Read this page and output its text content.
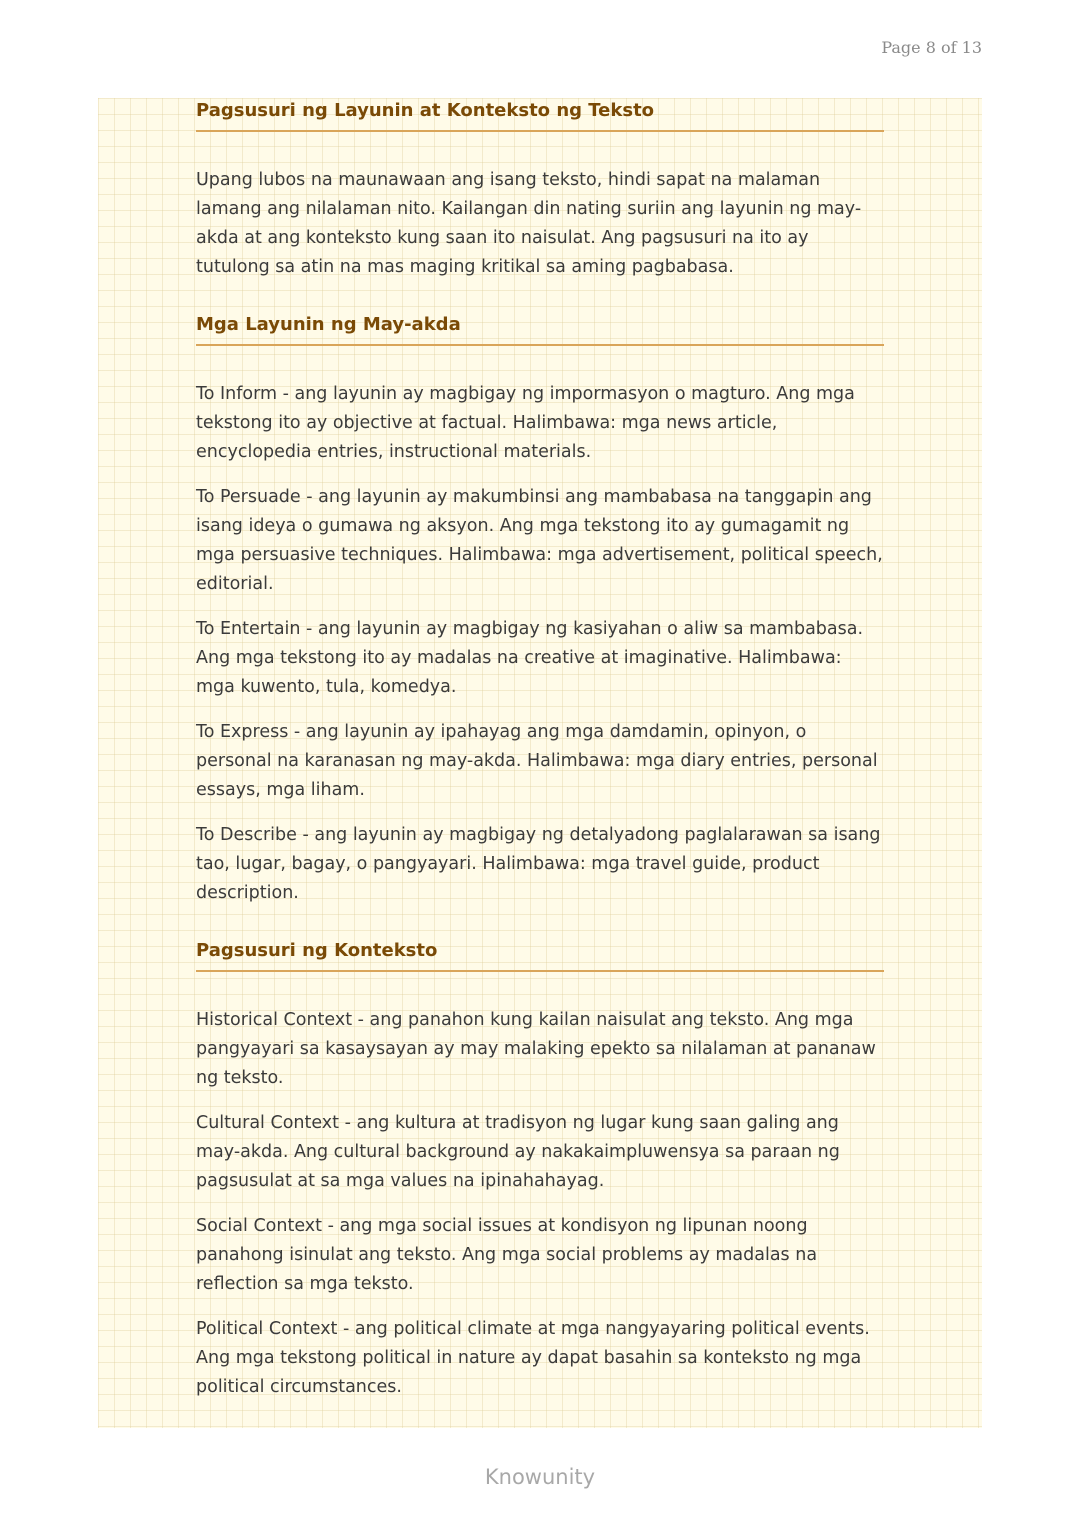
Page 8 of 13
Pagsusuri ng Layunin at Konteksto ng Teksto

Upang lubos na maunawaan ang isang teksto, hindi sapat na malaman lamang ang nilalaman nito. Kailangan din nating suriin ang layunin ng may-akda at ang konteksto kung saan ito naisulat. Ang pagsusuri na ito ay tutulong sa atin na mas maging kritikal sa aming pagbabasa.

Mga Layunin ng May-akda

To Inform - ang layunin ay magbigay ng impormasyon o magturo. Ang mga tekstong ito ay objective at factual. Halimbawa: mga news article, encyclopedia entries, instructional materials.

To Persuade - ang layunin ay makumbinsi ang mambabasa na tanggapin ang isang ideya o gumawa ng aksyon. Ang mga tekstong ito ay gumagamit ng mga persuasive techniques. Halimbawa: mga advertisement, political speech, editorial.

To Entertain - ang layunin ay magbigay ng kasiyahan o aliw sa mambabasa. Ang mga tekstong ito ay madalas na creative at imaginative. Halimbawa: mga kuwento, tula, komedya.

To Express - ang layunin ay ipahayag ang mga damdamin, opinyon, o personal na karanasan ng may-akda. Halimbawa: mga diary entries, personal essays, mga liham.

To Describe - ang layunin ay magbigay ng detalyadong paglalarawan sa isang tao, lugar, bagay, o pangyayari. Halimbawa: mga travel guide, product description.

Pagsusuri ng Konteksto

Historical Context - ang panahon kung kailan naisulat ang teksto. Ang mga pangyayari sa kasaysayan ay may malaking epekto sa nilalaman at pananaw ng teksto.

Cultural Context - ang kultura at tradisyon ng lugar kung saan galing ang may-akda. Ang cultural background ay nakakaimpluwensya sa paraan ng pagsusulat at sa mga values na ipinahahayag.

Social Context - ang mga social issues at kondisyon ng lipunan noong panahong isinulat ang teksto. Ang mga social problems ay madalas na reflection sa mga teksto.

Political Context - ang political climate at mga nangyayaring political events. Ang mga tekstong political in nature ay dapat basahin sa konteksto ng mga political circumstances.

Knowunity
